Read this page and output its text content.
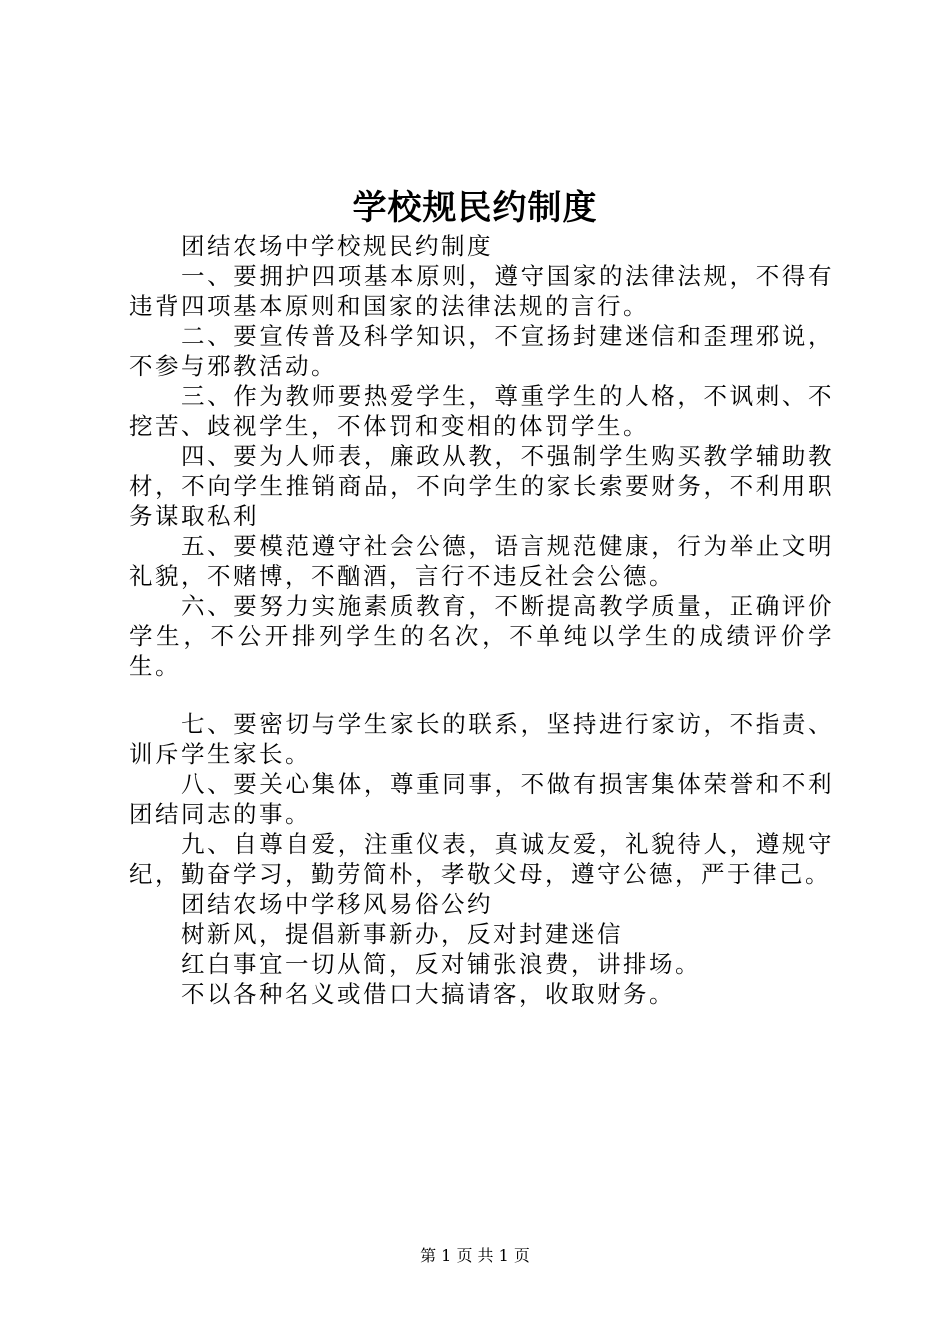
学校规民约制度

团结农场中学校规民约制度

一、要拥护四项基本原则，遵守国家的法律法规，不得有违背四项基本原则和国家的法律法规的言行。

二、要宣传普及科学知识，不宣扬封建迷信和歪理邪说，不参与邪教活动。

三、作为教师要热爱学生，尊重学生的人格，不讽刺、不挖苦、歧视学生，不体罚和变相的体罚学生。

四、要为人师表，廉政从教，不强制学生购买教学辅助教材，不向学生推销商品，不向学生的家长索要财务，不利用职务谋取私利

五、要模范遵守社会公德，语言规范健康，行为举止文明礼貌，不赌博，不酗酒，言行不违反社会公德。

六、要努力实施素质教育，不断提高教学质量，正确评价学生，不公开排列学生的名次，不单纯以学生的成绩评价学生。

七、要密切与学生家长的联系，坚持进行家访，不指责、训斥学生家长。

八、要关心集体，尊重同事，不做有损害集体荣誉和不利团结同志的事。

九、自尊自爱，注重仪表，真诚友爱，礼貌待人，遵规守纪，勤奋学习，勤劳简朴，孝敬父母，遵守公德，严于律己。

团结农场中学移风易俗公约

树新风，提倡新事新办，反对封建迷信

红白事宜一切从简，反对铺张浪费，讲排场。

不以各种名义或借口大搞请客，收取财务。

第 1 页 共 1 页
